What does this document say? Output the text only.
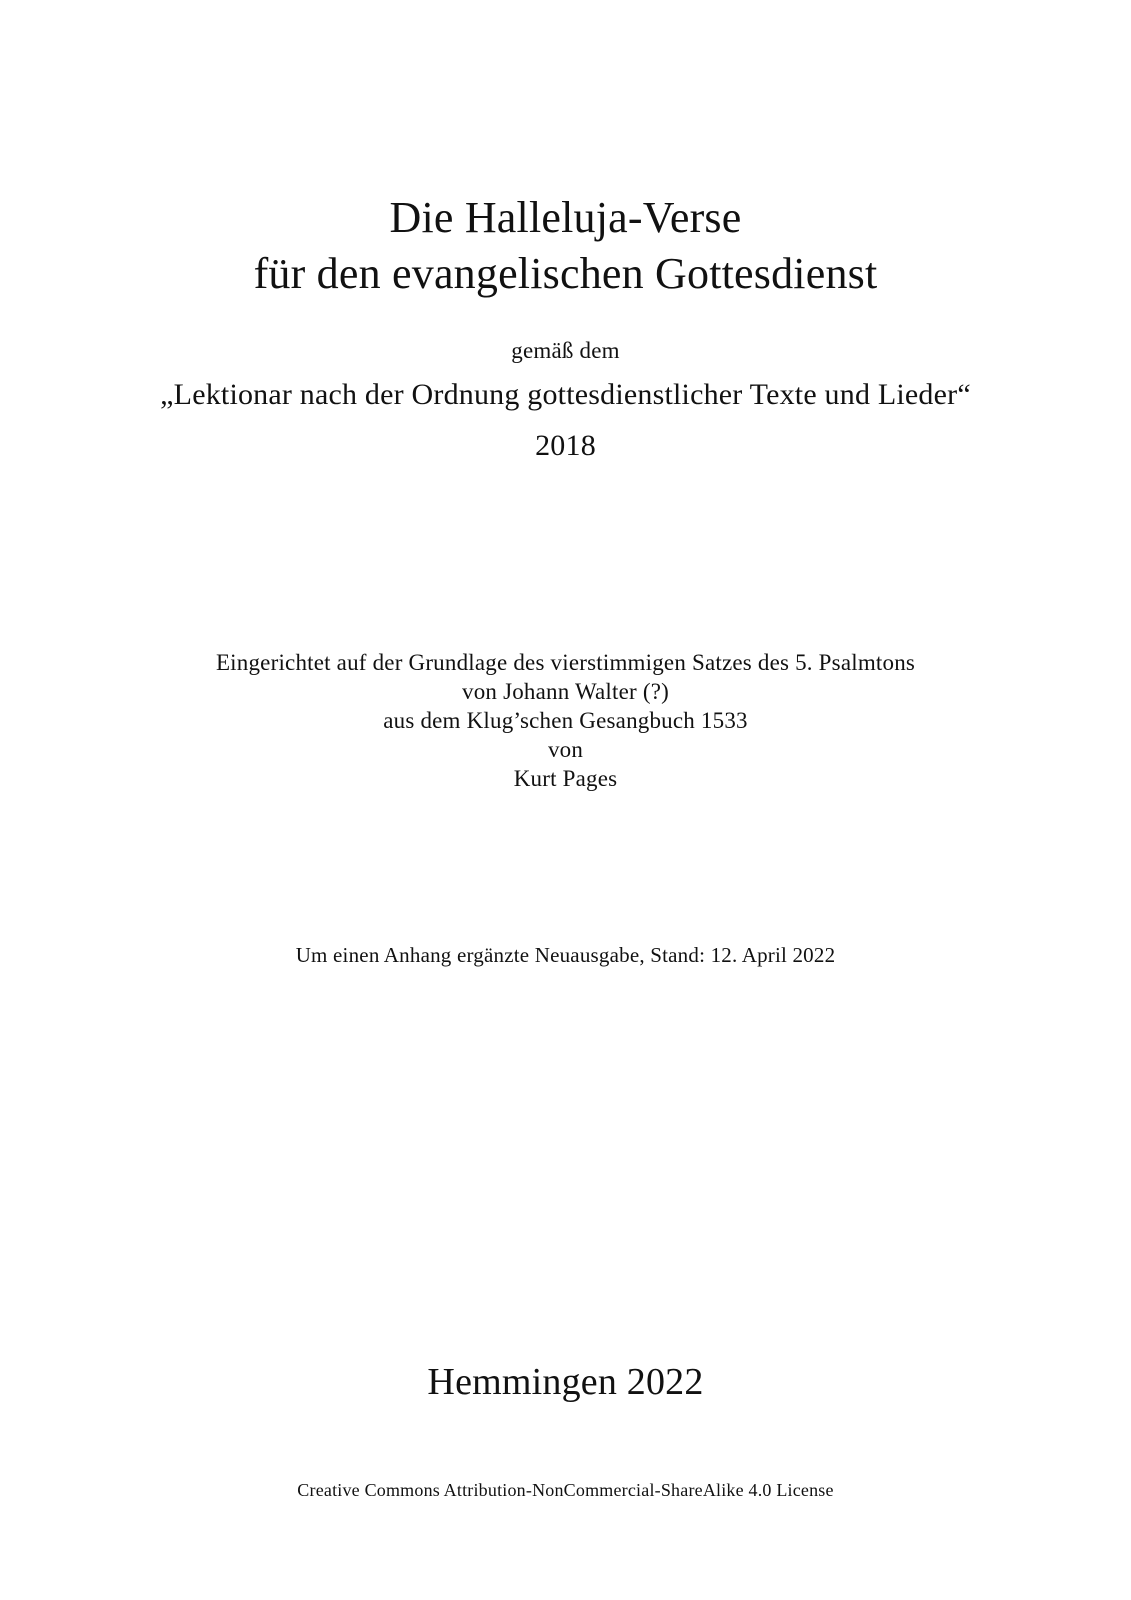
Die Halleluja-Verse
für den evangelischen Gottesdienst
gemäß dem
„Lektionar nach der Ordnung gottesdienstlicher Texte und Lieder“
2018
Eingerichtet auf der Grundlage des vierstimmigen Satzes des 5. Psalmtons
von Johann Walter (?)
aus dem Klug’schen Gesangbuch 1533
von
Kurt Pages
Um einen Anhang ergänzte Neuausgabe, Stand: 12. April 2022
Hemmingen 2022
Creative Commons Attribution-NonCommercial-ShareAlike 4.0 License
